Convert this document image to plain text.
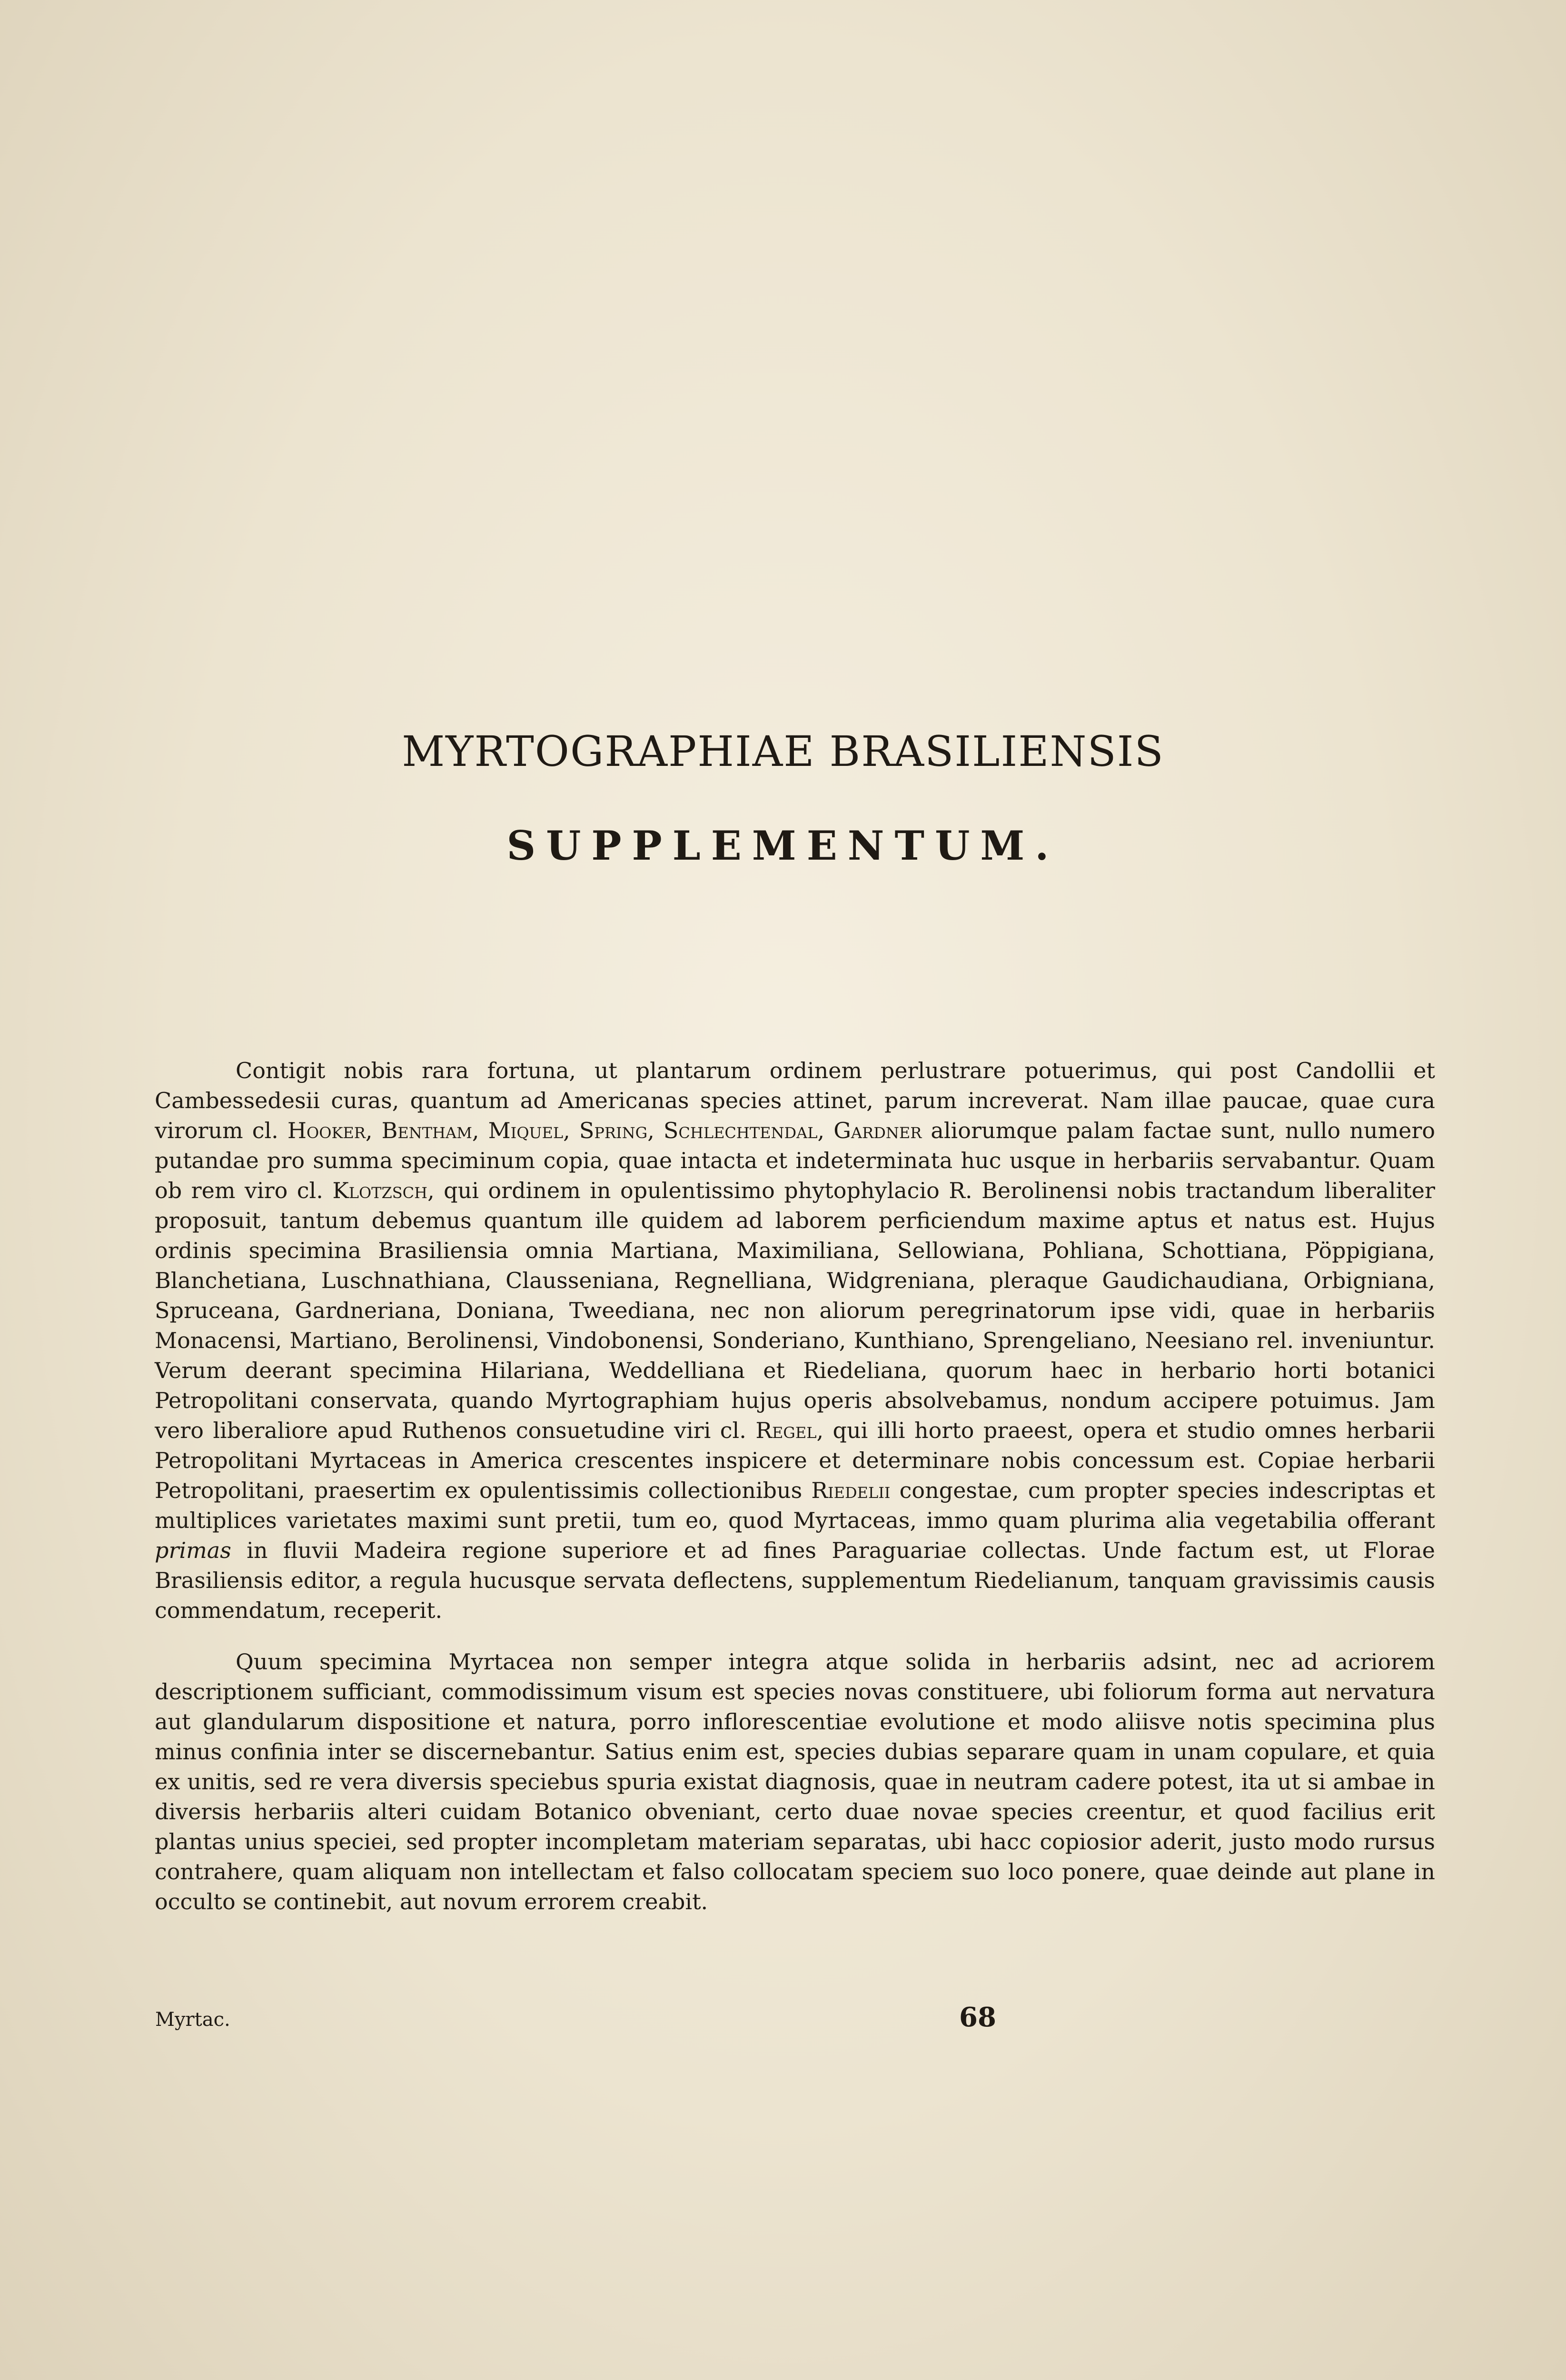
MYRTOGRAPHIAE BRASILIENSIS
SUPPLEMENTUM.

Contigit nobis rara fortuna, ut plantarum ordinem perlustrare potuerimus, qui post Candollii et Cambessedesii curas, quantum ad Americanas species attinet, parum increverat. Nam illae paucae, quae cura virorum cl. Hooker, Bentham, Miquel, Spring, Schlechtendal, Gardner aliorumque palam factae sunt, nullo numero putandae pro summa speciminum copia, quae intacta et indeterminata huc usque in herbariis servabantur. Quam ob rem viro cl. Klotzsch, qui ordinem in opulentissimo phytophylacio R. Berolinensi nobis tractandum liberaliter proposuit, tantum debemus quantum ille quidem ad laborem perficiendum maxime aptus et natus est. Hujus ordinis specimina Brasiliensia omnia Martiana, Maximiliana, Sellowiana, Pohliana, Schottiana, Pöppigiana, Blanchetiana, Luschnathiana, Clausseniana, Regnelliana, Widgreniana, pleraque Gaudichaudiana, Orbigniana, Spruceana, Gardneriana, Doniana, Tweediana, nec non aliorum peregrinatorum ipse vidi, quae in herbariis Monacensi, Martiano, Berolinensi, Vindobonensi, Sonderiano, Kunthiano, Sprengeliano, Neesiano rel. inveniuntur. Verum deerant specimina Hilariana, Weddelliana et Riedeliana, quorum haec in herbario horti botanici Petropolitani conservata, quando Myrtographiam hujus operis absolvebamus, nondum accipere potuimus. Jam vero liberaliore apud Ruthenos consuetudine viri cl. Regel, qui illi horto praeest, opera et studio omnes herbarii Petropolitani Myrtaceas in America crescentes inspicere et determinare nobis concessum est. Copiae herbarii Petropolitani, praesertim ex opulentissimis collectionibus Riedelii congestae, cum propter species indescriptas et multiplices varietates maximi sunt pretii, tum eo, quod Myrtaceas, immo quam plurima alia vegetabilia offerant primas in fluvii Madeira regione superiore et ad fines Paraguariae collectas. Unde factum est, ut Florae Brasiliensis editor, a regula hucusque servata deflectens, supplementum Riedelianum, tanquam gravissimis causis commendatum, receperit.

Quum specimina Myrtacea non semper integra atque solida in herbariis adsint, nec ad acriorem descriptionem sufficiant, commodissimum visum est species novas constituere, ubi foliorum forma aut nervatura aut glandularum dispositione et natura, porro inflorescentiae evolutione et modo aliisve notis specimina plus minus confinia inter se discernebantur. Satius enim est, species dubias separare quam in unam copulare, et quia ex unitis, sed re vera diversis speciebus spuria existat diagnosis, quae in neutram cadere potest, ita ut si ambae in diversis herbariis alteri cuidam Botanico obveniant, certo duae novae species creentur, et quod facilius erit plantas unius speciei, sed propter incompletam materiam separatas, ubi hacc copiosior aderit, justo modo rursus contrahere, quam aliquam non intellectam et falso collocatam speciem suo loco ponere, quae deinde aut plane in occulto se continebit, aut novum errorem creabit.

Myrtac.	68
